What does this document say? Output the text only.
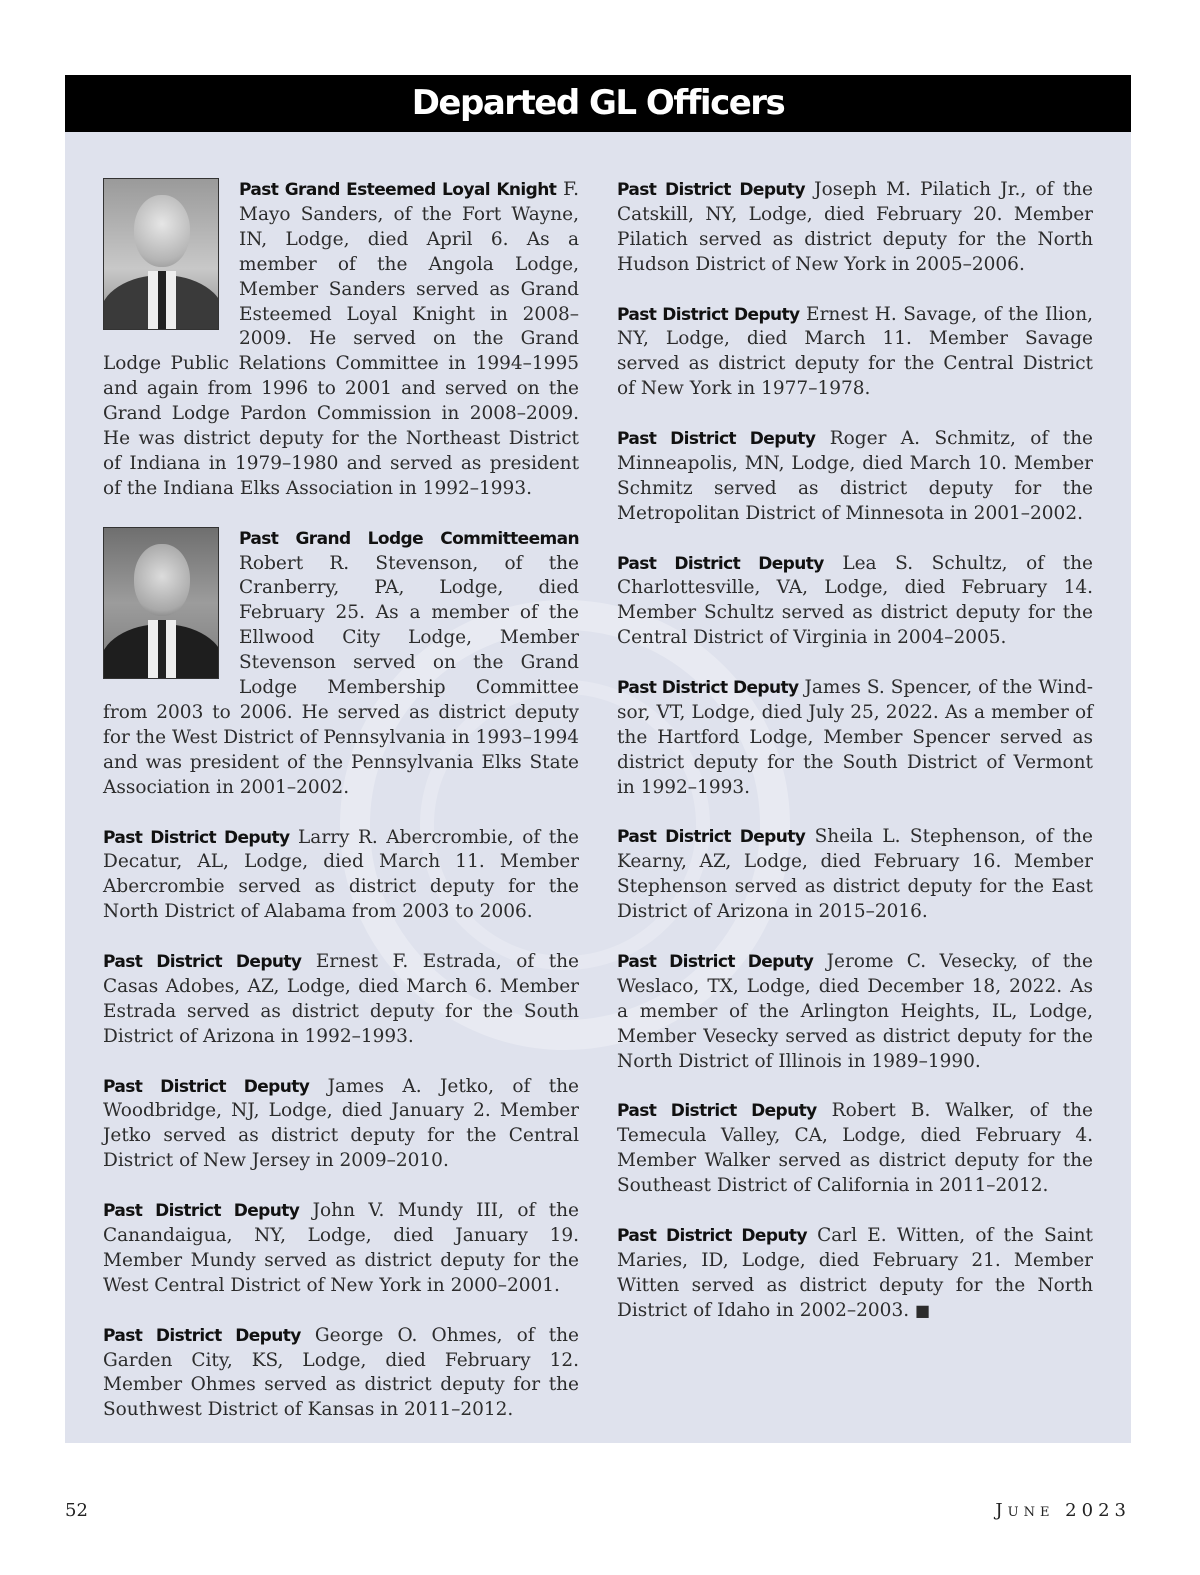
Departed GL Officers

Past Grand Esteemed Loyal Knight F. Mayo Sanders, of the Fort Wayne, IN, Lodge, died April 6. As a member of the Angola Lodge, Member Sanders served as Grand Esteemed Loyal Knight in 2008–2009. He served on the Grand Lodge Public Relations Committee in 1994–1995 and again from 1996 to 2001 and served on the Grand Lodge Pardon Commission in 2008–2009. He was district deputy for the Northeast District of Indiana in 1979–1980 and served as president of the Indiana Elks Association in 1992–1993.

Past Grand Lodge Committeeman Robert R. Stevenson, of the Cranberry, PA, Lodge, died February 25. As a member of the Ellwood City Lodge, Member Stevenson served on the Grand Lodge Membership Committee from 2003 to 2006. He served as district deputy for the West District of Pennsylvania in 1993–1994 and was president of the Pennsylvania Elks State Association in 2001–2002.

Past District Deputy Larry R. Abercrombie, of the Decatur, AL, Lodge, died March 11. Member Abercrombie served as district deputy for the North District of Alabama from 2003 to 2006.

Past District Deputy Ernest F. Estrada, of the Casas Adobes, AZ, Lodge, died March 6. Member Estrada served as district deputy for the South District of Arizona in 1992–1993.

Past District Deputy James A. Jetko, of the Woodbridge, NJ, Lodge, died January 2. Member Jetko served as district deputy for the Central District of New Jersey in 2009–2010.

Past District Deputy John V. Mundy III, of the Canandaigua, NY, Lodge, died January 19. Member Mundy served as district deputy for the West Central District of New York in 2000–2001.

Past District Deputy George O. Ohmes, of the Garden City, KS, Lodge, died February 12. Member Ohmes served as district deputy for the Southwest District of Kansas in 2011–2012.

Past District Deputy Joseph M. Pilatich Jr., of the Catskill, NY, Lodge, died February 20. Member Pilatich served as district deputy for the North Hudson District of New York in 2005–2006.

Past District Deputy Ernest H. Savage, of the Ilion, NY, Lodge, died March 11. Member Savage served as district deputy for the Central District of New York in 1977–1978.

Past District Deputy Roger A. Schmitz, of the Minneapolis, MN, Lodge, died March 10. Member Schmitz served as district deputy for the Metropolitan District of Minnesota in 2001–2002.

Past District Deputy Lea S. Schultz, of the Charlottesville, VA, Lodge, died February 14. Member Schultz served as district deputy for the Central District of Virginia in 2004–2005.

Past District Deputy James S. Spencer, of the Windsor, VT, Lodge, died July 25, 2022. As a member of the Hartford Lodge, Member Spencer served as district deputy for the South District of Vermont in 1992–1993.

Past District Deputy Sheila L. Stephenson, of the Kearny, AZ, Lodge, died February 16. Member Stephenson served as district deputy for the East District of Arizona in 2015–2016.

Past District Deputy Jerome C. Vesecky, of the Weslaco, TX, Lodge, died December 18, 2022. As a member of the Arlington Heights, IL, Lodge, Member Vesecky served as district deputy for the North District of Illinois in 1989–1990.

Past District Deputy Robert B. Walker, of the Temecula Valley, CA, Lodge, died February 4. Member Walker served as district deputy for the Southeast District of California in 2011–2012.

Past District Deputy Carl E. Witten, of the Saint Maries, ID, Lodge, died February 21. Member Witten served as district deputy for the North District of Idaho in 2002–2003. ■

52	June 2023
